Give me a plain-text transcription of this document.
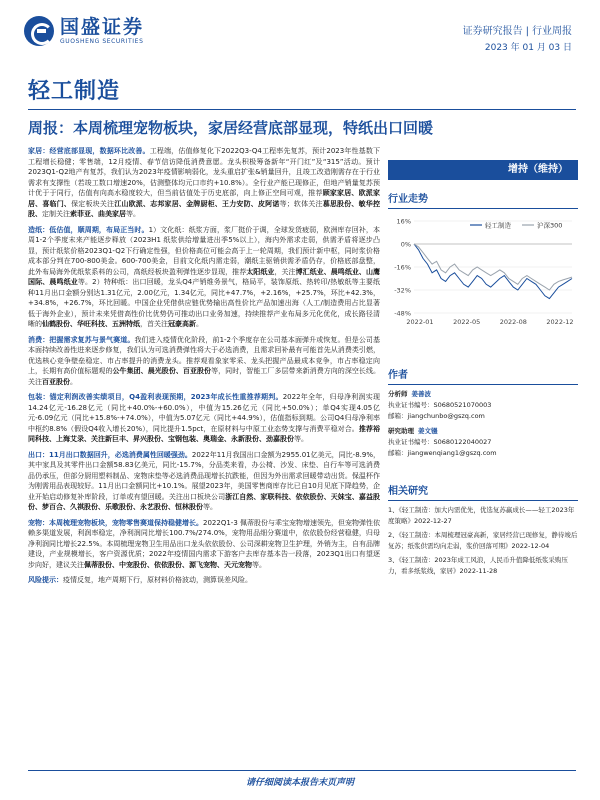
国盛证券
GUOSHENG SECURITIES
证券研究报告 | 行业周报
2023 年 01 月 03 日
轻工制造
周报：本周梳理宠物板块，家居经营底部显现，特纸出口回暖
家居：经营底部显现，数据环比改善。工程端，估值修复化下2022Q3-Q4工程率先复苏，预计2023年性基数下工程增长稳健；零售端，12月疫情、春节信访降低消费意愿。龙头积极筹备新年“开门红”及“315”活动。预计2023Q1-Q2地产有复苏，我们认为2023年疫情影响弱化，龙头重启扩张&销量回升，且竣工改造刚需存在于行业需求有支撑性（若竣工数口增速20%，估测整体均元口市约+10.8%）。全行业产能已现修正，但地产销量复苏预计优于于同行，估值有向高水稳度较大，但当前估值处于历史底部，向上修正空间可观，推荐顾家家居、欧派家居、喜临门、保定板块关注江山欧派、志邦家居、金牌厨柜、王力安防、皮阿诺等；软体关注慕思股份、敏华控股、定制关注索菲亚、曲美家居等。
造纸：低估值，顺周期，布局正当时。1）文化纸：纸浆方面，浆厂挺价于调，全球发货疲弱，欧洲库存回补，本周1-2个季度末来产能逐步释放（2023H1 纸浆供给增量进出季5%以上），海内外需求走弱，供需矛盾将逐步凸显，预计纸浆价格2023Q1-Q2下行确定性强，但价格高位可能会高于上一轮周期，我们预计新中枢，同时浆价格成本部分判在700-800美金。600-700美金，目前文化纸内需走弱，潮纸主驱销供需矛盾仍存，价格底部盘整，此外布局海外优纸浆系料的公司，高纸经板块盈利弹性逐步显现，推荐太阳纸业，关注博汇纸业、晨鸣纸业、山鹰国际、晨鸣纸业等。2）特种纸：出口回暖，龙头Q4产销维务景气，格局平，装饰原纸、热转印/热敏纸等主要纸种11月出口金额分别达1.31亿元，2.00亿元，1.34亿元，同比+47.7%，+2.16%，+25.7%，环比+42.3%，+34.8%，+26.7%，环比回暖。中国企业凭借供应链优势输出高性价比产品加速出海（人工/制造费用占比显著低于海外企业），预计未来凭借高性价比优势仍可推动出口业务加速，持续推荐产业布局多元化优化，成长路径清晰的仙鹤股份、华旺科技、五洲特纸，首关注冠豪高新。
消费：把握需求复苏与景气赛道。我们进入疫情优化阶段，前1-2个季度存在公司基本面弹升或恢复。但是公司基本面持续改善性进来逐步修复，我们认为可选消费弹性将大于必选消费，且需求回补最有可能首先从消费类引燃，优选核心竞争壁垒稳定、市占率提升的消费龙头。推荐观看象家零采、龙头把握产品最成本竞争，市占率稳定向上，长期有高价值标题观的公牛集团、晨光股份、百亚股份等，同时，智能工厂多层带来新消费方向的深空长线。关注百亚股份。
包装：锚定利润改善实绩项目，Q4盈利表现预期，2023年成长性重推荐期判。2022年全年，归母净利润实现14.24亿元-16.28亿元（同比+40.0%-+60.0%），中值为15.26亿元（同比+50.0%）；单Q4实现4.05亿元-6.09亿元（同比+15.8%-+74.0%），中值为5.07亿元（同比+44.9%），估值指标到期。公司Q4归母净利率中枢约8.8%（假设Q4收入增长20%），同比提升1.5pct，在原材料与中原工业态势支撑与消费平稳对合。推荐裕同科技、上海艾录、关注新巨丰、昇兴股份、宝钢包装、奥瑞金、永新股份、劲嘉股份等。
出口：11月出口数据回升，必选消费属性回暖强劲。2022年11月我国出口金额为2955.01亿美元，同比-8.9%，其中家具及其零件出口金额58.83亿美元，同比-15.7%，分品类来看，办公椅、沙发、床垫、自行车等可选消费品仍承压，但部分厨用塑料制品、宠物床垫等必选消费品现增长抗跌能，但因为外出需求回暖带动出货。保温杯作为刚需用品表现较好。11月出口金额同比+10.1%。展望2023年，美国零售商库存比已自10月见底下降趋势，企业开始启动修复补库阶段，订单或有望回暖。关注出口板块公司浙江自然、家联科技、依依股份、天妹宝、嘉益股份、梦百合、久祺股份、乐歌股份、永艺股份、恒林股份等。
宠物：本周梳理宠物板块，宠物零售赛道保持稳健增长。2022Q1-3 佩蒂股份与乖宝宠物增速领先，但宠物弹性依赖多渠道发展，利润率稳定，净利润同比增长100.7%/274.0%，宠物用品细分赛道中，依依股份经营稳健，归母净利润同比增长22.5%。本周梳理宠物卫生用品出口龙头依依股份、公司深耕宠物卫生护理，外销为主，自有品牌建设，产业规模增长，客户资源优质；2022年疫情国内需求下游客户去库存基本告一段落，2023Q1出口有望逐步向好，建议关注佩蒂股份、中宠股份、依依股份、源飞宠物、天元宠物等。
风险提示：疫情反复，地产周期下行，原材料价格波动，测算误差风险。
增持（维持）
行业走势
16%
0%
-16%
-32%
-48%
2022-01	2022-05	2022-08	2022-12
轻工制造	沪深300
作者
分析师 姜善波
执业证书编号：S0680521070003
邮箱：jiangchunbo@gszq.com
研究助理 姜文镪
执业证书编号：S0680122040027
邮箱：jiangwenqiang1@gszq.com
相关研究
1、《轻工制造：加大内需优先，优选复苏赢成长——轻工2023年度策略》2022-12-27
2、《轻工制造：本周梳理冠豪高新，家居经营已现修复，静待竣后复苏；纸浆供需均向走弱，浆价回落可期》2022-12-04
3、《轻工制造：2023年成工风浪，人民币升值降低纸浆采购压力，看多纸浆线，家居》2022-11-28
请仔细阅读本报告末页声明
